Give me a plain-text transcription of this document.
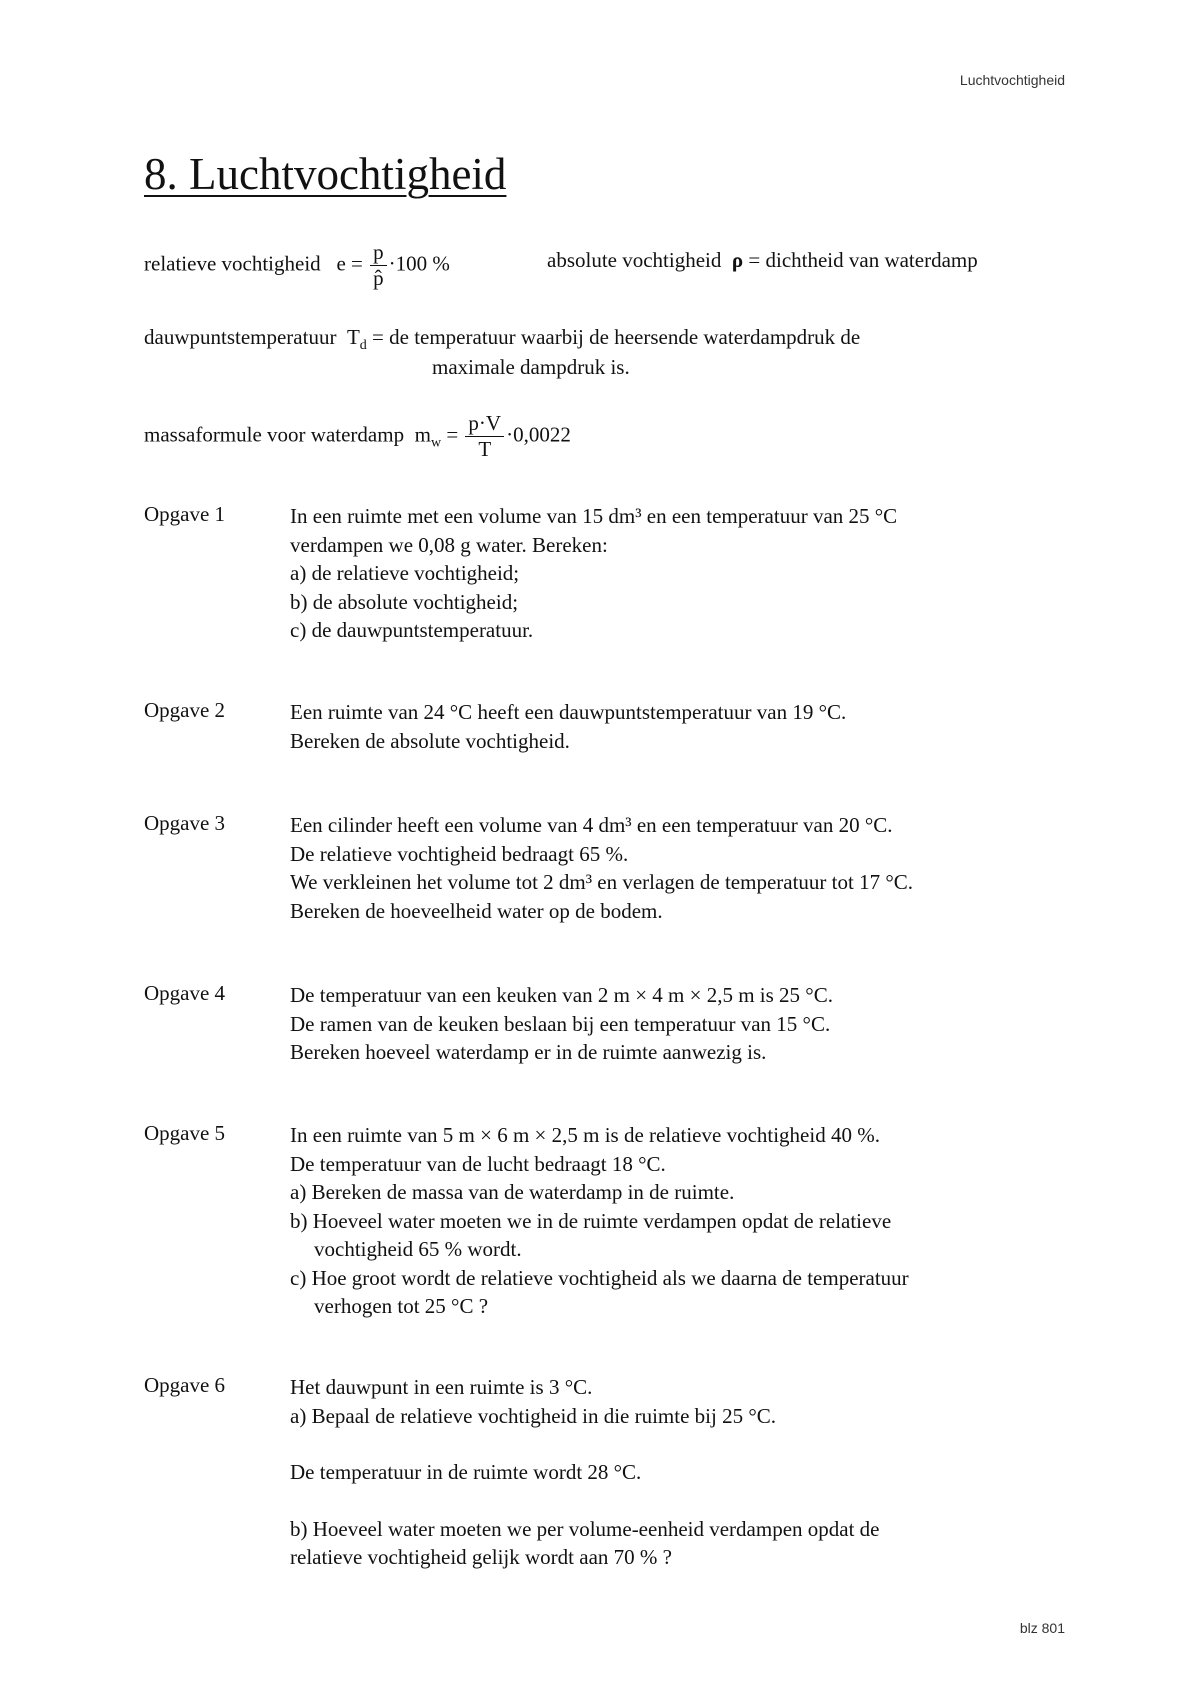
Luchtvochtigheid
8. Luchtvochtigheid
relatieve vochtigheid $e = \frac{p}{p̂} \cdot 100$ %	absolute vochtigheid ρ = dichtheid van waterdamp
dauwpuntstemperatuur $T_d$ = de temperatuur waarbij de heersende waterdampdruk de
maximale dampdruk is.
massaformule voor waterdamp $m_w = \frac{p\cdot V}{T} \cdot 0,0022$
Opgave 1	In een ruimte met een volume van 15 dm³ en een temperatuur van 25 °C
verdampen we 0,08 g water. Bereken:
a) de relatieve vochtigheid;
b) de absolute vochtigheid;
c) de dauwpuntstemperatuur.
Opgave 2	Een ruimte van 24 °C heeft een dauwpuntstemperatuur van 19 °C.
Bereken de absolute vochtigheid.
Opgave 3	Een cilinder heeft een volume van 4 dm³ en een temperatuur van 20 °C.
De relatieve vochtigheid bedraagt 65 %.
We verkleinen het volume tot 2 dm³ en verlagen de temperatuur tot 17 °C.
Bereken de hoeveelheid water op de bodem.
Opgave 4	De temperatuur van een keuken van 2 m × 4 m × 2,5 m is 25 °C.
De ramen van de keuken beslaan bij een temperatuur van 15 °C.
Bereken hoeveel waterdamp er in de ruimte aanwezig is.
Opgave 5	In een ruimte van 5 m × 6 m × 2,5 m is de relatieve vochtigheid 40 %.
De temperatuur van de lucht bedraagt 18 °C.
a) Bereken de massa van de waterdamp in de ruimte.
b) Hoeveel water moeten we in de ruimte verdampen opdat de relatieve
vochtigheid 65 % wordt.
c) Hoe groot wordt de relatieve vochtigheid als we daarna de temperatuur
verhogen tot 25 °C ?
Opgave 6	Het dauwpunt in een ruimte is 3 °C.
a) Bepaal de relatieve vochtigheid in die ruimte bij 25 °C.
De temperatuur in de ruimte wordt 28 °C.
b) Hoeveel water moeten we per volume-eenheid verdampen opdat de
relatieve vochtigheid gelijk wordt aan 70 % ?
blz 801
